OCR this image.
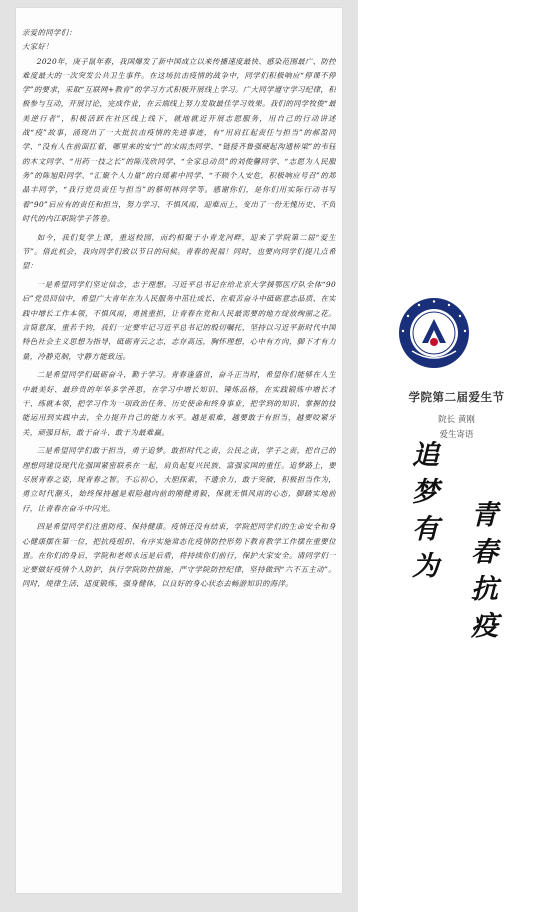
亲爱的同学们：

大家好！

2020年，庚子鼠年春，我国爆发了新中国成立以来传播速度最快、感染范围最广、防控难度最大的一次突发公共卫生事件。在这场抗击疫情的战争中，同学们积极响应“停课不停学”的要求，采取“互联网+教育”的学习方式积极开展线上学习。广大同学遵守学习纪律，积极参与互动，开展讨论，完成作业，在云端线上努力发取最佳学习效果。我们的同学牧俊“最美逆行者”，积极活跃在社区线上线下，就地就近开展志愿服务，用自己的行动讲述战“疫”故事，涌现出了一大批抗击疫情的先进事迹，有“用肩扛起责任与担当”的郝盈同学、“没有人在前面扛着，哪里来的安宁”的宋雨杰同学、“链接齐鲁强硬起沟通桥梁”的韦钰的木文同学、“用药一技之长”的陈茂欣同学、“全家总动员”的刘俊馨同学、“志愿为人民服务”的陈旭阳同学、“汇聚个人力量”的白瑶素中同学、“不顾个人安危，积极响应号召”的郑晶丰同学，“我行党员责任与担当”的蔡明林同学等。感谢你们，是你们用实际行动书写着“90”后应有的责任和担当，努力学习、不惧风雨，迎难而上，变出了一份无愧历史、不负时代的内江职院学子答卷。

如今，我们复学上课，重返校园，而约相聚于小青龙河畔，迎来了学院第二届“爱生节”。借此机会，我向同学们致以节日的问候。青春的祝福！同时，也要向同学们提几点希望：

一是希望同学们坚定信念，志于理想。习近平总书记在给北京大学援鄂医疗队全体“90后”党员回信中，希望广大青年在为人民服务中茁壮成长、在艰苦奋斗中砥砺意志品质、在实践中增长工作本领，不惧风雨，勇挑重担，让青春在党和人民最需要的地方绽放绚丽之花。言简意深、重若千钧，我们一定要牢记习近平总书记的殷切嘱托，坚持以习近平新时代中国特色社会主义思想为指导，砥砺青云之志，志存高远，胸怀理想，心中有方向，脚下才有力量，冷静克制，守静方能致远。

二是希望同学们砥砺奋斗，勤于学习。青春逢盛世，奋斗正当时，希望你们能够在人生中最美好、最珍贵的年华多学善思，在学习中增长知识、锤炼品格，在实践锻炼中增长才干、练就本领，把学习作为一项政治任务、历史使命和终身事业，把学到的知识、掌握的技能运用到实践中去，全力提升自己的能力水平。越是艰难，越要敢于有担当，越要咬紧牙关，顽强目标，敢于奋斗、敢于为最难赢。

三是希望同学们敢于担当，勇于追梦。敢担时代之责，公民之责，学子之责，把自己的理想同建设现代化强国紧密联系在一起，肩负起复兴民族、富强家国的重任。追梦路上，要尽展青春之姿，现青春之智。不忘初心，大胆探索，不遗余力，敢于突破，积极担当作为，勇立时代潮头，始终保持越是艰险越向前的刚健勇毅，保就无惧风雨的心态，脚踏实地前行，让青春在奋斗中闪光。

四是希望同学们注重防疫、保持健康。疫情还没有结束，学院把同学们的生命安全和身心健康摆在第一位，把抗疫组织、有序实施常态化疫情防控形势下教育教学工作摆在重要位置。在你们的身后，学院和老师永远是后盾，将持续你们前行，保护大家安全。请同学们一定要做好疫情个人防护，执行学院防控措施，严守学院防控纪律，坚持做到“六不五主动”。同时，规律生活、适度锻炼，强身健体，以良好的身心状态去畅游知识的海洋。

学院第二届爱生节
院长 黄刚
爱生寄语
追梦有为 青春抗疫
